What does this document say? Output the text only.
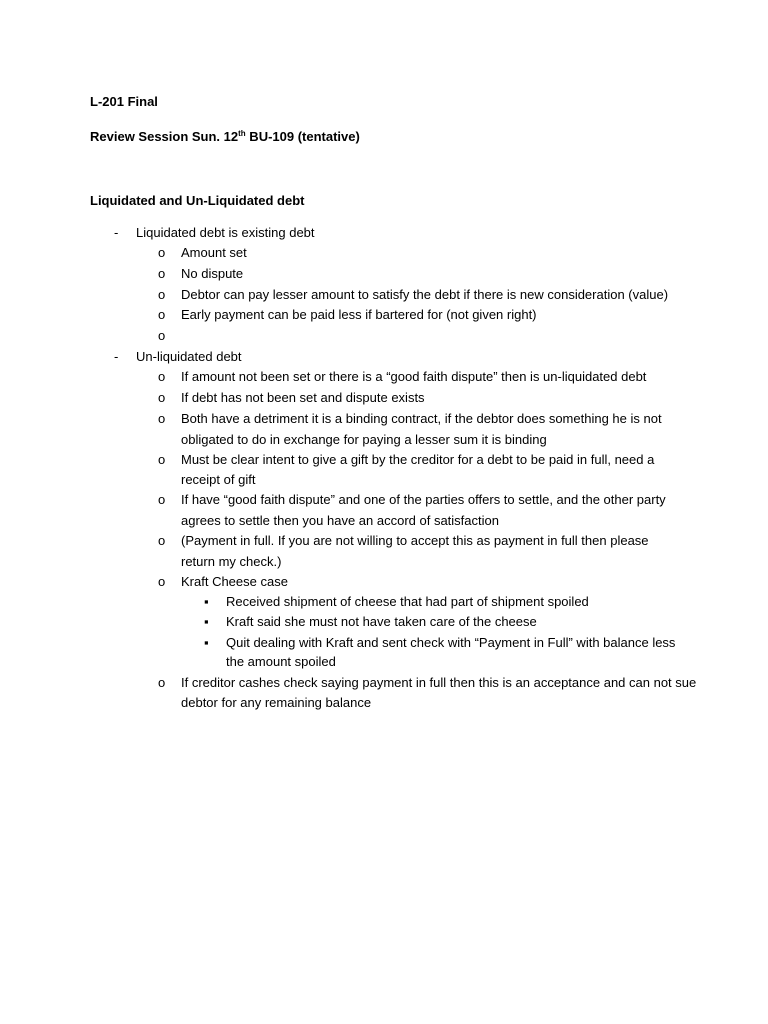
L-201 Final
Review Session Sun. 12th BU-109 (tentative)
Liquidated and Un-Liquidated debt
- Liquidated debt is existing debt
o Amount set
o No dispute
o Debtor can pay lesser amount to satisfy the debt if there is new consideration (value)
o Early payment can be paid less if bartered for (not given right)
o
- Un-liquidated debt
o If amount not been set or there is a “good faith dispute” then is un-liquidated debt
o If debt has not been set and dispute exists
o Both have a detriment it is a binding contract, if the debtor does something he is not
obligated to do in exchange for paying a lesser sum it is binding
o Must be clear intent to give a gift by the creditor for a debt to be paid in full, need a
receipt of gift
o If have “good faith dispute” and one of the parties offers to settle, and the other party
agrees to settle then you have an accord of satisfaction
o (Payment in full. If you are not willing to accept this as payment in full then please
return my check.)
o Kraft Cheese case
▪ Received shipment of cheese that had part of shipment spoiled
▪ Kraft said she must not have taken care of the cheese
▪ Quit dealing with Kraft and sent check with “Payment in Full” with balance less
the amount spoiled
o If creditor cashes check saying payment in full then this is an acceptance and can not sue
debtor for any remaining balance
